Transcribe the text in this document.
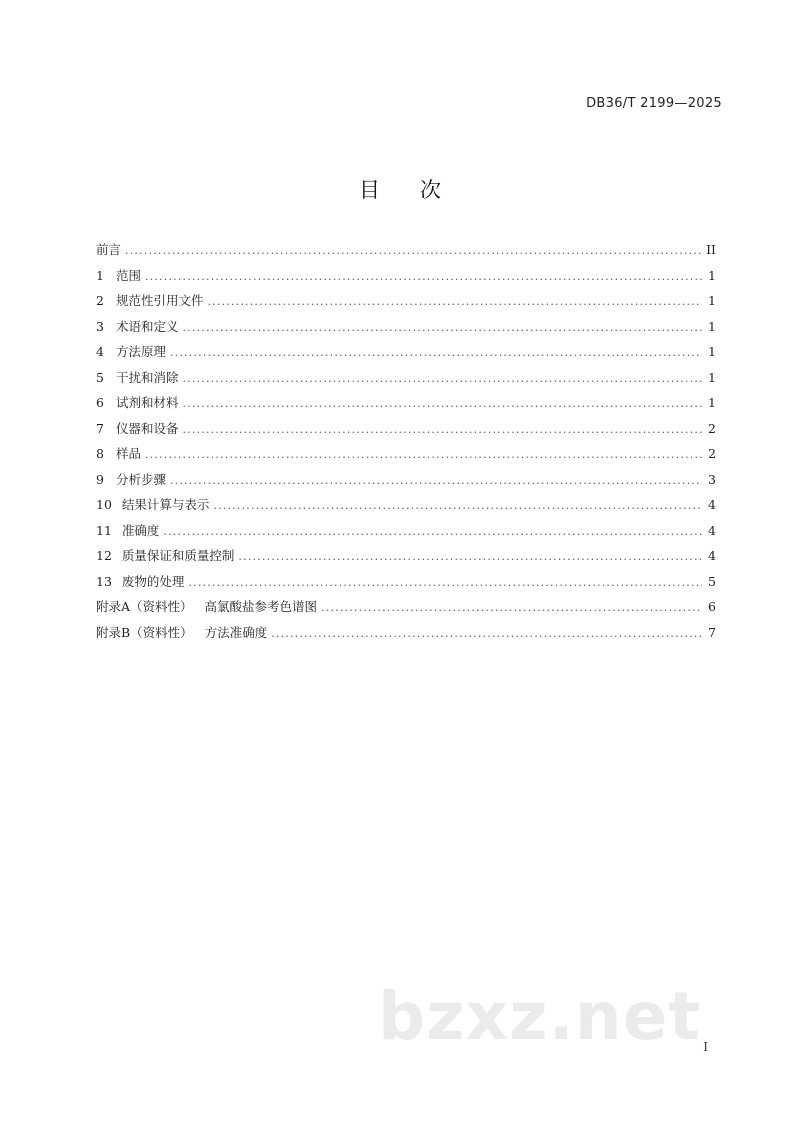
DB36/T 2199—2025
目 次
前言 .....	II
1 范围 .....	1
2 规范性引用文件 .....	1
3 术语和定义 .....	1
4 方法原理 .....	1
5 干扰和消除 .....	1
6 试剂和材料 .....	1
7 仪器和设备 .....	2
8 样品 .....	2
9 分析步骤 .....	3
10 结果计算与表示 .....	4
11 准确度 .....	4
12 质量保证和质量控制 .....	4
13 废物的处理 .....	5
附录A（资料性） 高氯酸盐参考色谱图 .....	6
附录B（资料性） 方法准确度 .....	7
bzxz.net I
